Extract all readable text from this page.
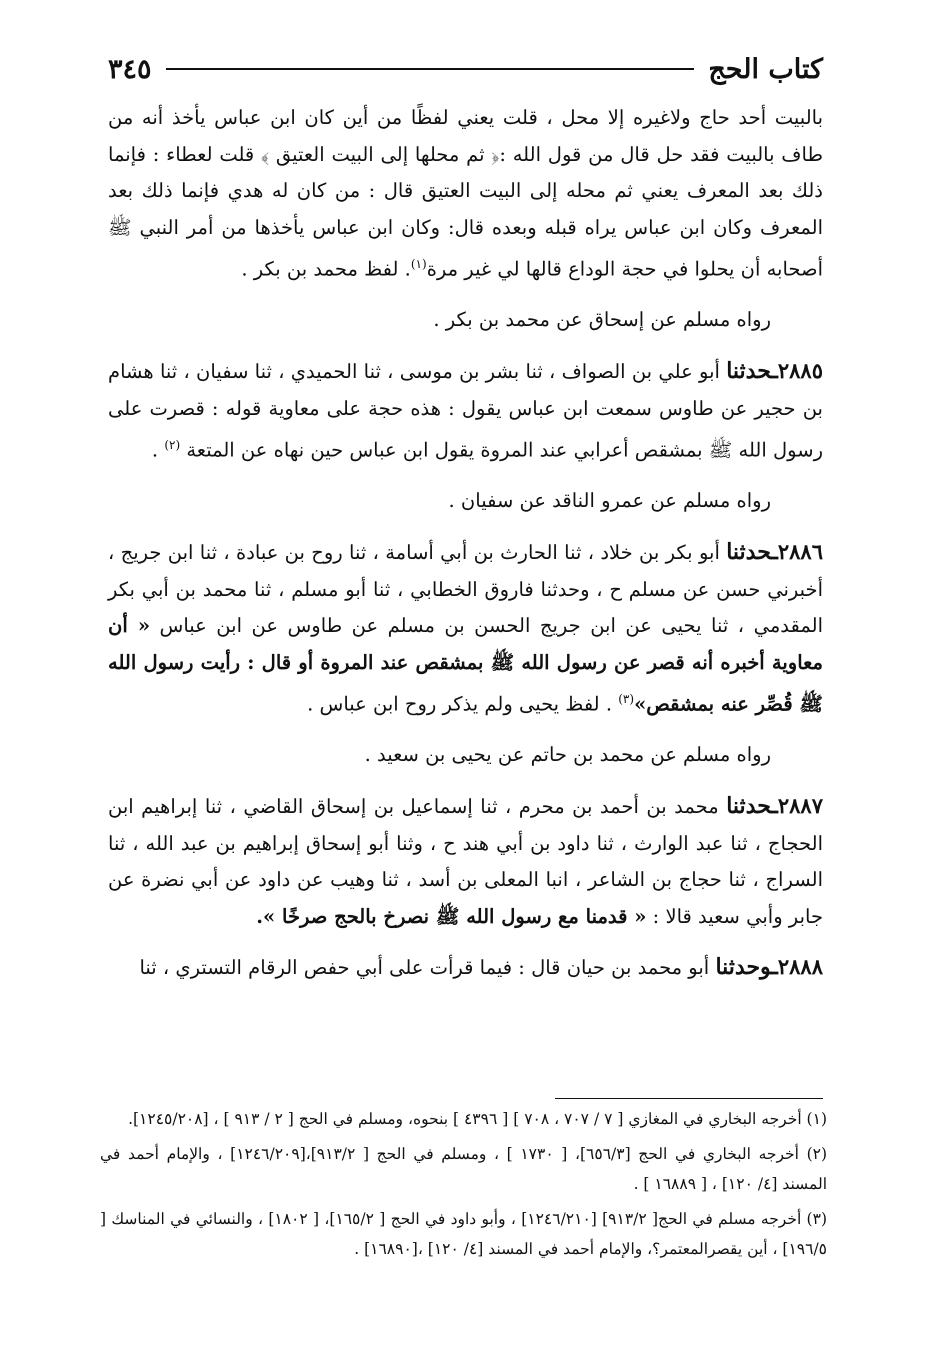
كتاب الحج
٣٤٥

بالبيت أحد حاج ولاغيره إلا محل ، قلت يعني لفظًا من أين كان ابن عباس يأخذ أنه من طاف بالبيت فقد حل قال من قول الله :﴿ ثم محلها إلى البيت العتيق ﴾ قلت لعطاء : فإنما ذلك بعد المعرف يعني ثم محله إلى البيت العتيق قال : من كان له هدي فإنما ذلك بعد المعرف وكان ابن عباس يراه قبله وبعده قال: وكان ابن عباس يأخذها من أمر النبي ﷺ أصحابه أن يحلوا في حجة الوداع قالها لي غير مرة$^{(١)}$. لفظ محمد بن بكر .

رواه مسلم عن إسحاق عن محمد بن بكر .

٢٨٨٥ـحدثنا أبو علي بن الصواف ، ثنا بشر بن موسى ، ثنا الحميدي ، ثنا سفيان ، ثنا هشام بن حجير عن طاوس سمعت ابن عباس يقول : هذه حجة على معاوية قوله : قصرت على رسول الله ﷺ بمشقص أعرابي عند المروة يقول ابن عباس حين نهاه عن المتعة $^{(٢)}$ .

رواه مسلم عن عمرو الناقد عن سفيان .

٢٨٨٦ـحدثنا أبو بكر بن خلاد ، ثنا الحارث بن أبي أسامة ، ثنا روح بن عبادة ، ثنا ابن جريج ، أخبرني حسن عن مسلم ح ، وحدثنا فاروق الخطابي ، ثنا أبو مسلم ، ثنا محمد بن أبي بكر المقدمي ، ثنا يحيى عن ابن جريج الحسن بن مسلم عن طاوس عن ابن عباس « أن معاوية أخبره أنه قصر عن رسول الله ﷺ بمشقص عند المروة أو قال : رأيت رسول الله ﷺ قُصِّر عنه بمشقص»$^{(٣)}$ . لفظ يحيى ولم يذكر روح ابن عباس .

رواه مسلم عن محمد بن حاتم عن يحيى بن سعيد .

٢٨٨٧ـحدثنا محمد بن أحمد بن محرم ، ثنا إسماعيل بن إسحاق القاضي ، ثنا إبراهيم ابن الحجاج ، ثنا عبد الوارث ، ثنا داود بن أبي هند ح ، وثنا أبو إسحاق إبراهيم بن عبد الله ، ثنا السراج ، ثنا حجاج بن الشاعر ، انبا المعلى بن أسد ، ثنا وهيب عن داود عن أبي نضرة عن جابر وأبي سعيد قالا : « قدمنا مع رسول الله ﷺ نصرخ بالحج صرخًا ».

٢٨٨٨ـوحدثنا أبو محمد بن حيان قال : فيما قرأت على أبي حفص الرقام التستري ، ثنا

(١) أخرجه البخاري في المغازي [ ٧ / ٧٠٧ ، ٧٠٨ ] [ ٤٣٩٦ ] بنحوه، ومسلم في الحج [ ٢ / ٩١٣ ] ، [١٢٤٥/٢٠٨].

(٢) أخرجه البخاري في الحج [٦٥٦/٣]، [ ١٧٣٠ ] ، ومسلم في الحج [ ٩١٣/٢]،[١٢٤٦/٢٠٩] ، والإمام أحمد في المسند [٤/ ١٢٠] ، [ ١٦٨٨٩ ] .

(٣) أخرجه مسلم في الحج[ ٩١٣/٢] [١٢٤٦/٢١٠] ، وأبو داود في الحج [ ١٦٥/٢]، [ ١٨٠٢] ، والنسائي في المناسك [ ١٩٦/٥] ، أين يقصرالمعتمر؟، والإمام أحمد في المسند [٤/ ١٢٠] ،[١٦٨٩٠] .
